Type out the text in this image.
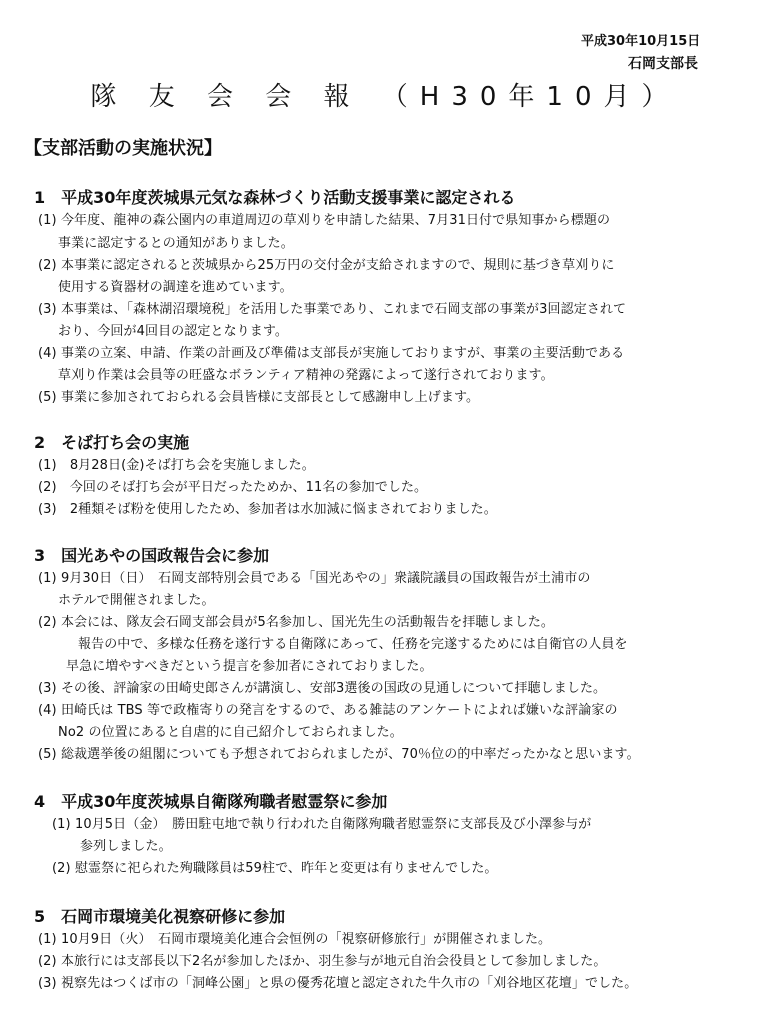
平成30年10月15日
石岡支部長
隊 友 会 会 報 （H30年10月）
【支部活動の実施状況】
1　平成30年度茨城県元気な森林づくり活動支援事業に認定される
(1) 今年度、龍神の森公園内の車道周辺の草刈りを申請した結果、7月31日付で県知事から標題の
事業に認定するとの通知がありました。
(2) 本事業に認定されると茨城県から25万円の交付金が支給されますので、規則に基づき草刈りに
使用する資器材の調達を進めています。
(3) 本事業は、「森林湖沼環境税」を活用した事業であり、これまで石岡支部の事業が3回認定されて
おり、今回が4回目の認定となります。
(4) 事業の立案、申請、作業の計画及び準備は支部長が実施しておりますが、事業の主要活動である
草刈り作業は会員等の旺盛なボランティア精神の発露によって遂行されております。
(5) 事業に参加されておられる会員皆様に支部長として感謝申し上げます。
2　そば打ち会の実施
(1)　8月28日(金)そば打ち会を実施しました。
(2)　今回のそば打ち会が平日だったためか、11名の参加でした。
(3)　2種類そば粉を使用したため、参加者は水加減に悩まされておりました。
3　国光あやの国政報告会に参加
(1) 9月30日（日）　石岡支部特別会員である「国光あやの」衆議院議員の国政報告が土浦市の
ホテルで開催されました。
(2) 本会には、隊友会石岡支部会員が5名参加し、国光先生の活動報告を拝聴しました。
報告の中で、多様な任務を遂行する自衛隊にあって、任務を完遂するためには自衛官の人員を
早急に増やすべきだという提言を参加者にされておりました。
(3) その後、評論家の田崎史郎さんが講演し、安部3選後の国政の見通しについて拝聴しました。
(4) 田崎氏は TBS 等で政権寄りの発言をするので、ある雑誌のアンケートによれば嫌いな評論家の
No2 の位置にあると自虐的に自己紹介しておられました。
(5) 総裁選挙後の組閣についても予想されておられましたが、70％位の的中率だったかなと思います。
4　平成30年度茨城県自衛隊殉職者慰霊祭に参加
(1) 10月5日（金）　勝田駐屯地で執り行われた自衛隊殉職者慰霊祭に支部長及び小澤参与が
参列しました。
(2) 慰霊祭に祀られた殉職隊員は59柱で、昨年と変更は有りませんでした。
5　石岡市環境美化視察研修に参加
(1) 10月9日（火）　石岡市環境美化連合会恒例の「視察研修旅行」が開催されました。
(2) 本旅行には支部長以下2名が参加したほか、羽生参与が地元自治会役員として参加しました。
(3) 視察先はつくば市の「洞峰公園」と県の優秀花壇と認定された牛久市の「刈谷地区花壇」でした。
